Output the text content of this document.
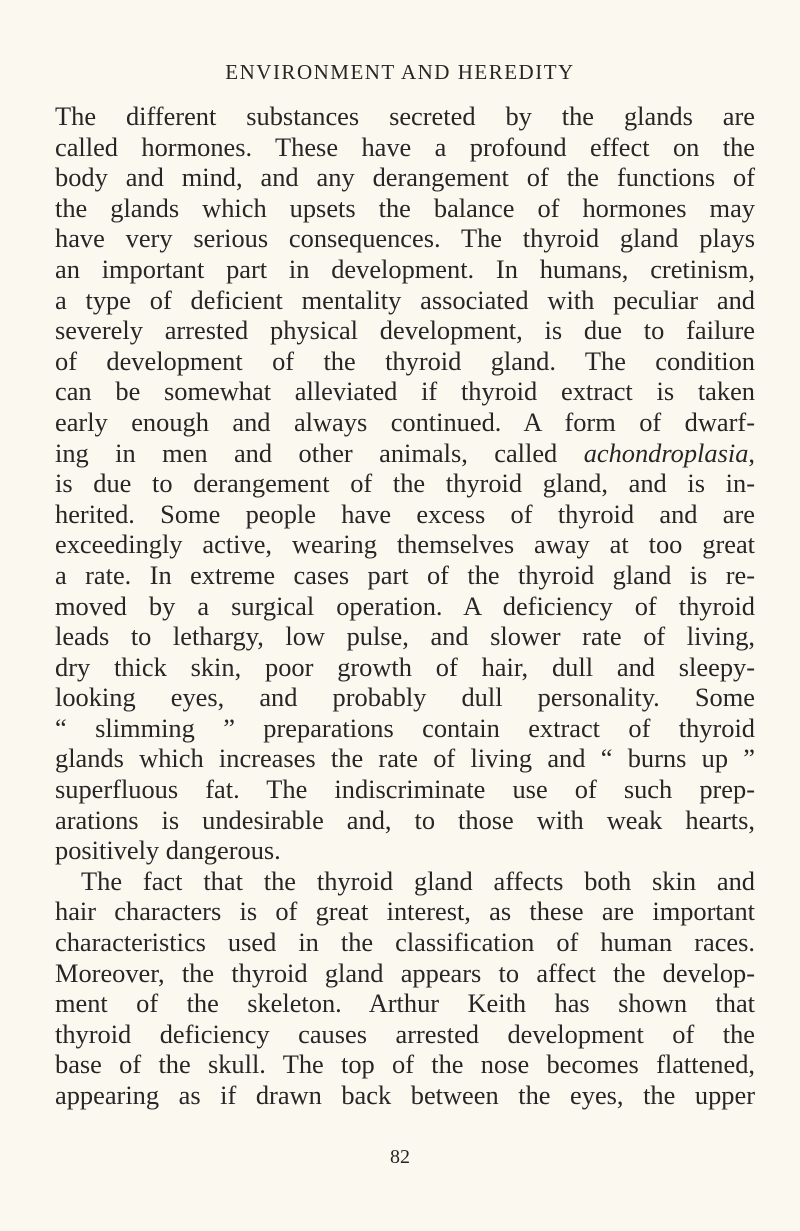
ENVIRONMENT AND HEREDITY
The different substances secreted by the glands are
called hormones. These have a profound effect on the
body and mind, and any derangement of the functions of
the glands which upsets the balance of hormones may
have very serious consequences. The thyroid gland plays
an important part in development. In humans, cretinism,
a type of deficient mentality associated with peculiar and
severely arrested physical development, is due to failure
of development of the thyroid gland. The condition
can be somewhat alleviated if thyroid extract is taken
early enough and always continued. A form of dwarf-
ing in men and other animals, called achondroplasia,
is due to derangement of the thyroid gland, and is in-
herited. Some people have excess of thyroid and are
exceedingly active, wearing themselves away at too great
a rate. In extreme cases part of the thyroid gland is re-
moved by a surgical operation. A deficiency of thyroid
leads to lethargy, low pulse, and slower rate of living,
dry thick skin, poor growth of hair, dull and sleepy-
looking eyes, and probably dull personality. Some
“ slimming ” preparations contain extract of thyroid
glands which increases the rate of living and “ burns up ”
superfluous fat. The indiscriminate use of such prep-
arations is undesirable and, to those with weak hearts,
positively dangerous.
The fact that the thyroid gland affects both skin and
hair characters is of great interest, as these are important
characteristics used in the classification of human races.
Moreover, the thyroid gland appears to affect the develop-
ment of the skeleton. Arthur Keith has shown that
thyroid deficiency causes arrested development of the
base of the skull. The top of the nose becomes flattened,
appearing as if drawn back between the eyes, the upper
82
